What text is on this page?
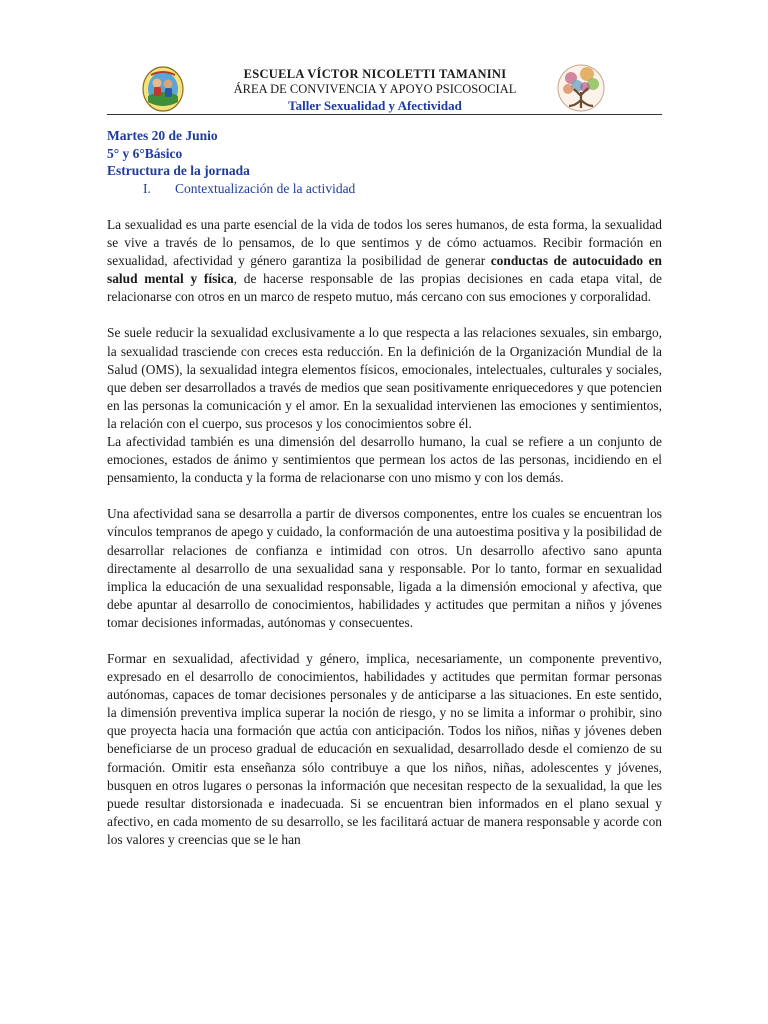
ESCUELA VÍCTOR NICOLETTI TAMANINI
ÁREA DE CONVIVENCIA Y APOYO PSICOSOCIAL
Taller Sexualidad y Afectividad
Martes 20 de Junio
5° y 6°Básico
Estructura de la jornada
I. Contextualización de la actividad

La sexualidad es una parte esencial de la vida de todos los seres humanos, de esta forma, la sexualidad se vive a través de lo pensamos, de lo que sentimos y de cómo actuamos. Recibir formación en sexualidad, afectividad y género garantiza la posibilidad de generar conductas de autocuidado en salud mental y física, de hacerse responsable de las propias decisiones en cada etapa vital, de relacionarse con otros en un marco de respeto mutuo, más cercano con sus emociones y corporalidad.

Se suele reducir la sexualidad exclusivamente a lo que respecta a las relaciones sexuales, sin embargo, la sexualidad trasciende con creces esta reducción. En la definición de la Organización Mundial de la Salud (OMS), la sexualidad integra elementos físicos, emocionales, intelectuales, culturales y sociales, que deben ser desarrollados a través de medios que sean positivamente enriquecedores y que potencien en las personas la comunicación y el amor. En la sexualidad intervienen las emociones y sentimientos, la relación con el cuerpo, sus procesos y los conocimientos sobre él.

La afectividad también es una dimensión del desarrollo humano, la cual se refiere a un conjunto de emociones, estados de ánimo y sentimientos que permean los actos de las personas, incidiendo en el pensamiento, la conducta y la forma de relacionarse con uno mismo y con los demás.

Una afectividad sana se desarrolla a partir de diversos componentes, entre los cuales se encuentran los vínculos tempranos de apego y cuidado, la conformación de una autoestima positiva y la posibilidad de desarrollar relaciones de confianza e intimidad con otros. Un desarrollo afectivo sano apunta directamente al desarrollo de una sexualidad sana y responsable. Por lo tanto, formar en sexualidad implica la educación de una sexualidad responsable, ligada a la dimensión emocional y afectiva, que debe apuntar al desarrollo de conocimientos, habilidades y actitudes que permitan a niños y jóvenes tomar decisiones informadas, autónomas y consecuentes.

Formar en sexualidad, afectividad y género, implica, necesariamente, un componente preventivo, expresado en el desarrollo de conocimientos, habilidades y actitudes que permitan formar personas autónomas, capaces de tomar decisiones personales y de anticiparse a las situaciones. En este sentido, la dimensión preventiva implica superar la noción de riesgo, y no se limita a informar o prohibir, sino que proyecta hacia una formación que actúa con anticipación. Todos los niños, niñas y jóvenes deben beneficiarse de un proceso gradual de educación en sexualidad, desarrollado desde el comienzo de su formación. Omitir esta enseñanza sólo contribuye a que los niños, niñas, adolescentes y jóvenes, busquen en otros lugares o personas la información que necesitan respecto de la sexualidad, la que les puede resultar distorsionada e inadecuada. Si se encuentran bien informados en el plano sexual y afectivo, en cada momento de su desarrollo, se les facilitará actuar de manera responsable y acorde con los valores y creencias que se le han
